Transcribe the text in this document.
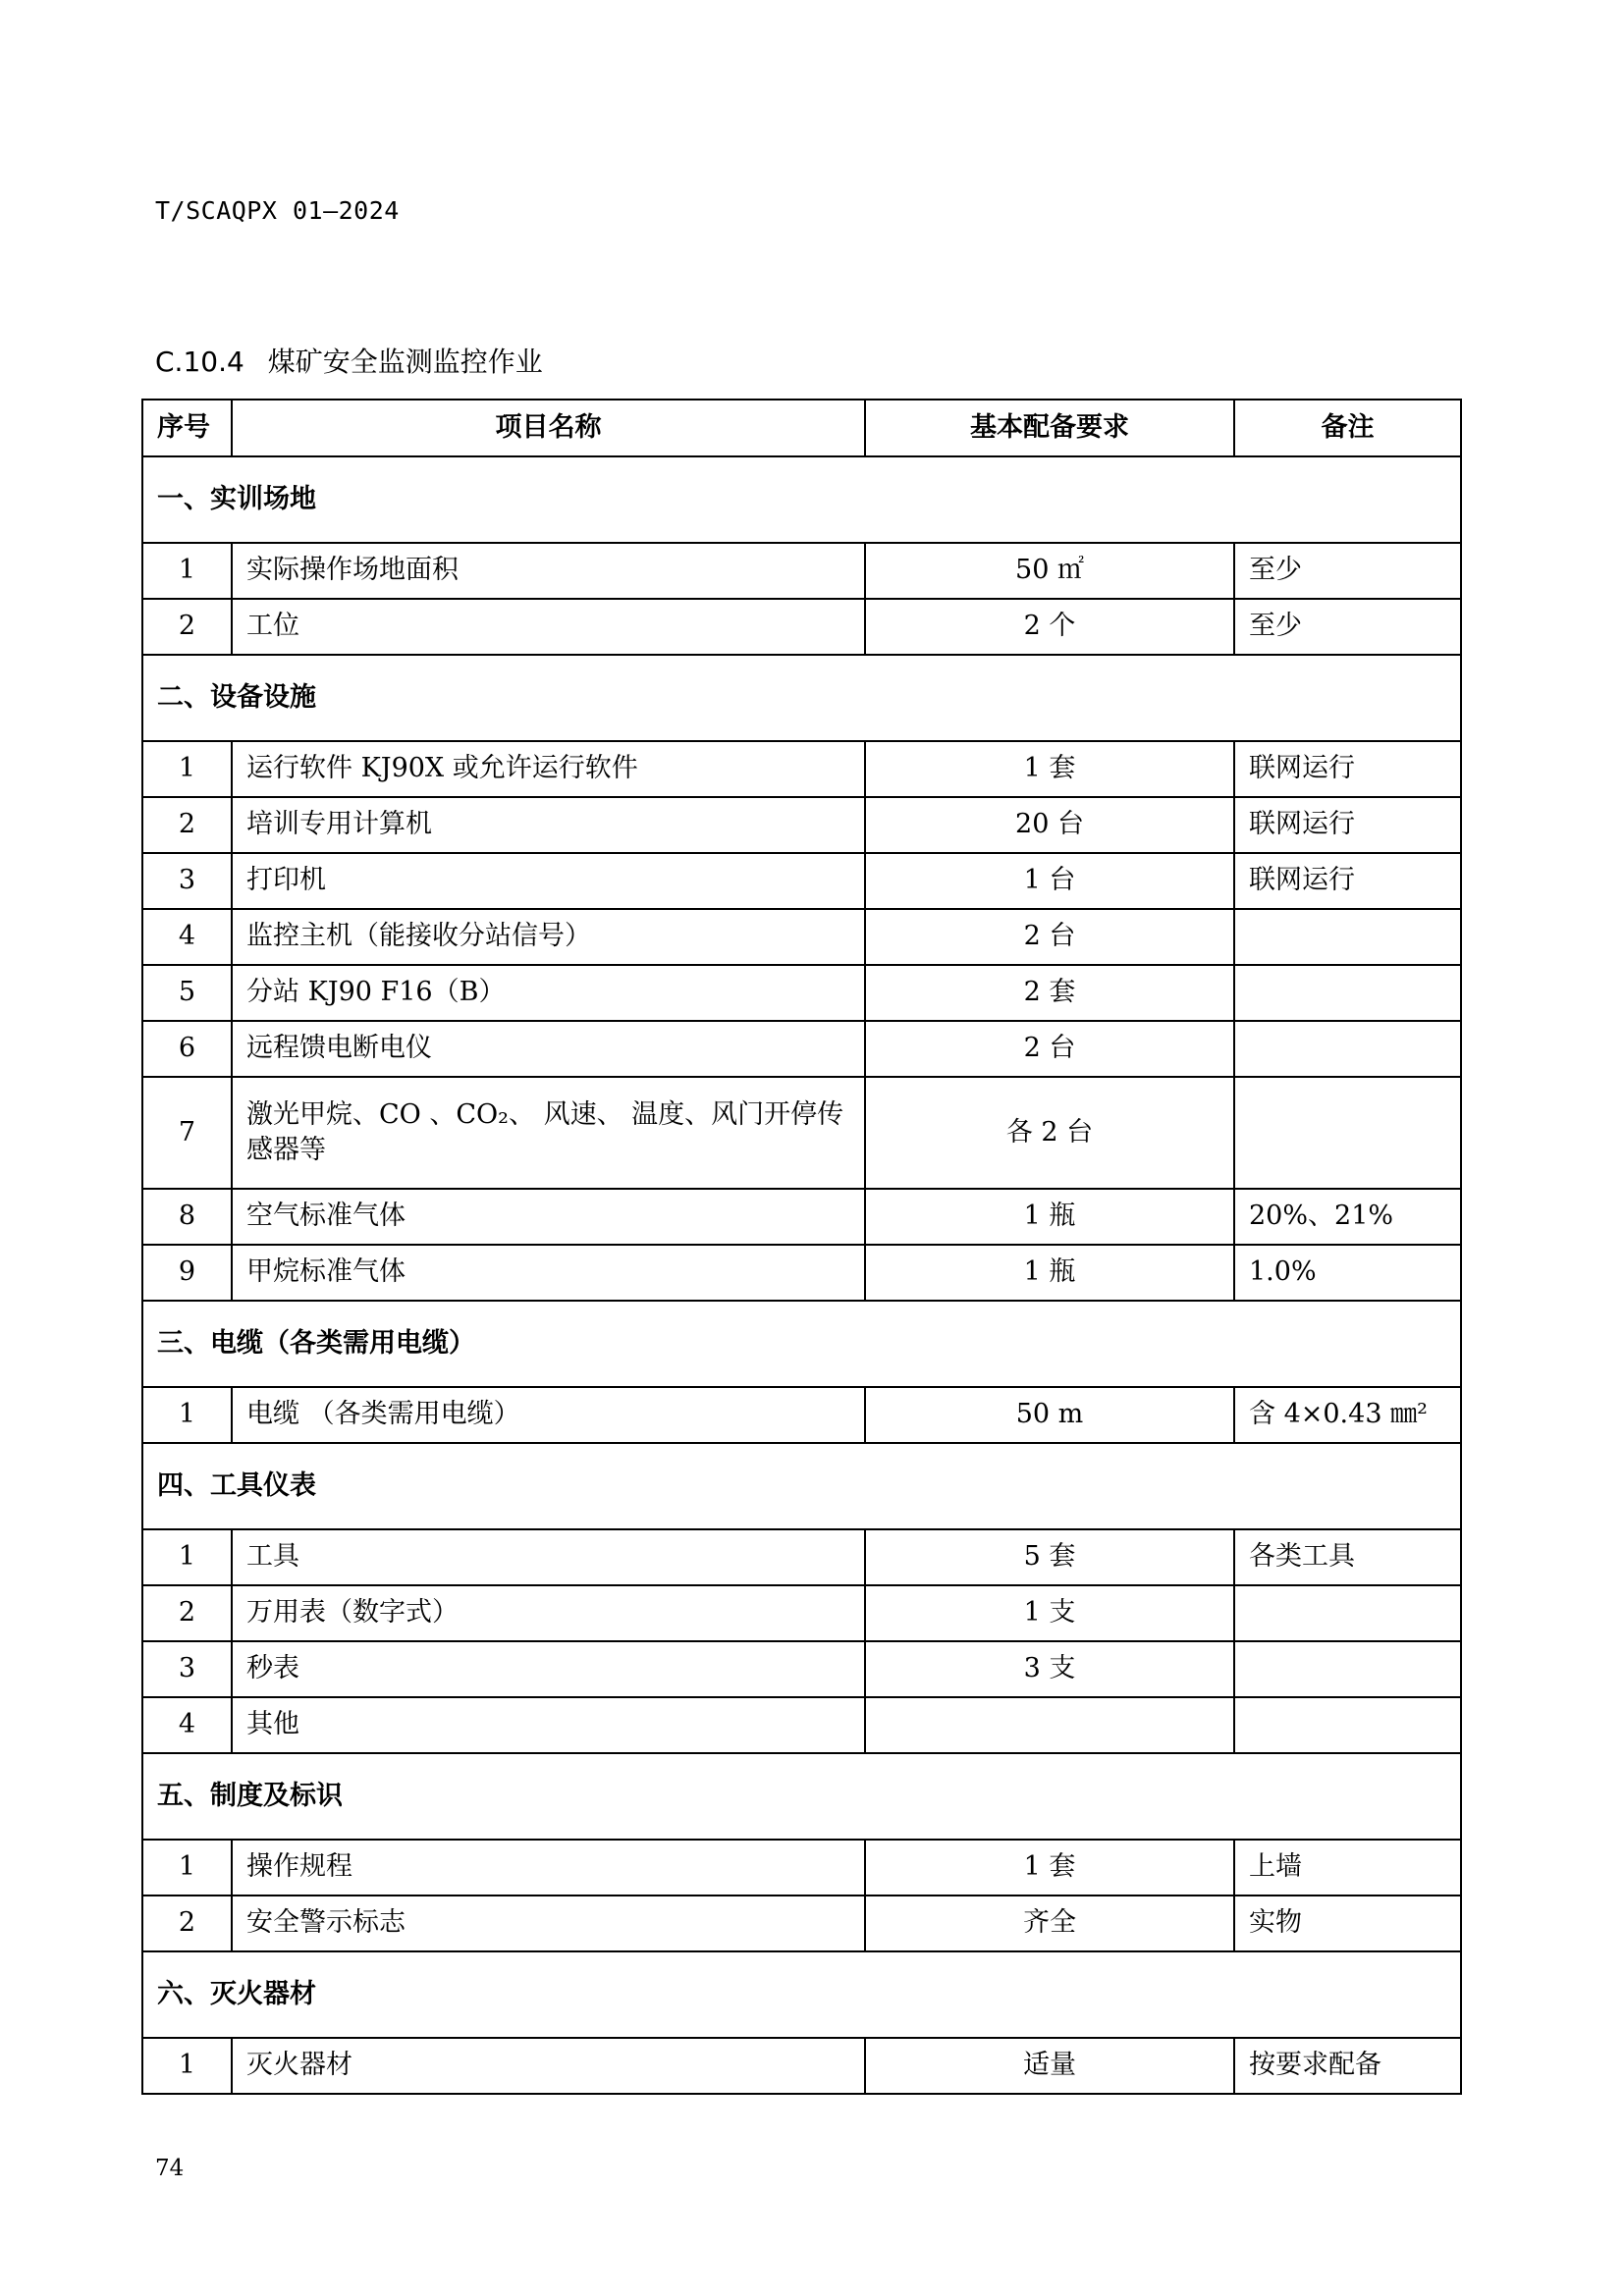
T/SCAQPX 01—2024
C.10.4 煤矿安全监测监控作业
序号	项目名称	基本配备要求	备注
一、实训场地			
1	实际操作场地面积	50 ㎡	至少
2	工位	2 个	至少
二、设备设施			
1	运行软件 KJ90X 或允许运行软件	1 套	联网运行
2	培训专用计算机	20 台	联网运行
3	打印机	1 台	联网运行
4	监控主机（能接收分站信号）	2 台	
5	分站 KJ90 F16（B）	2 套	
6	远程馈电断电仪	2 台	
7	激光甲烷、CO 、CO₂、 风速、 温度、风门开停传感器等	各 2 台	
8	空气标准气体	1 瓶	20%、21%
9	甲烷标准气体	1 瓶	1.0%
三、电缆（各类需用电缆）			
1	电缆 （各类需用电缆）	50 m	含 4×0.43 ㎜²
四、工具仪表			
1	工具	5 套	各类工具
2	万用表（数字式）	1 支	
3	秒表	3 支	
4	其他		
五、制度及标识			
1	操作规程	1 套	上墙
2	安全警示标志	齐全	实物
六、灭火器材			
1	灭火器材	适量	按要求配备
74
